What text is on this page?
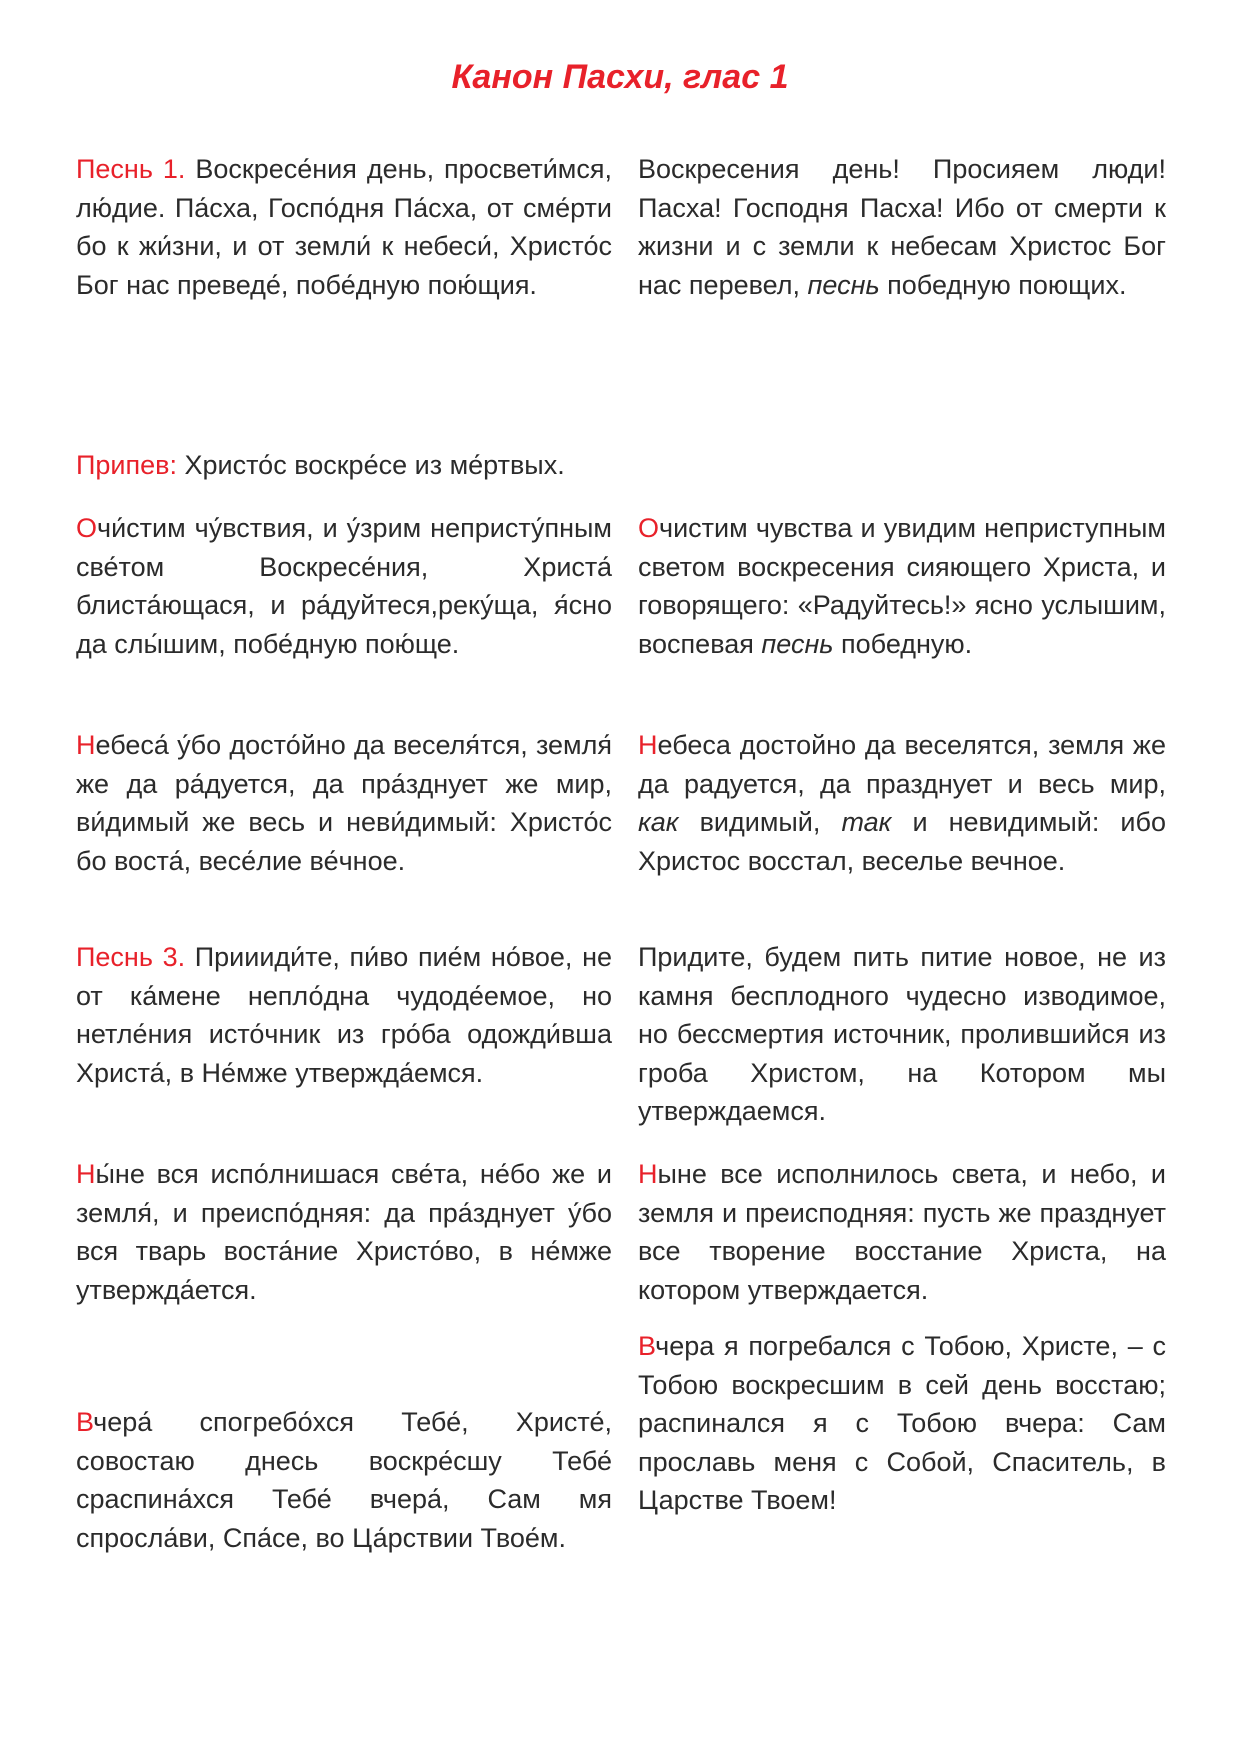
Канон Пасхи, глас 1

Песнь 1. Воскресе́ния день, просвети́мся, лю́дие. Па́сха, Госпо́дня Па́сха, от сме́рти бо к жи́зни, и от земли́ к небеси́, Христо́с Бог нас преведе́, побе́дную пою́щия.

Воскресения день! Просияем люди! Пасха! Господня Пасха! Ибо от смерти к жизни и с земли к небесам Христос Бог нас перевел, песнь победную поющих.

Припев: Христо́с воскре́се из ме́ртвых.

Очи́стим чу́вствия, и у́зрим непристу́пным све́том Воскресе́ния, Христа́ блиста́ющася, и ра́дуйтеся,реку́ща, я́сно да слы́шим, побе́дную пою́ще.

Очистим чувства и увидим неприступным светом воскресения сияющего Христа, и говорящего: «Радуйтесь!» ясно услышим, воспевая песнь победную.

Небеса́ у́бо досто́йно да веселя́тся, земля́ же да ра́дуется, да пра́зднует же мир, ви́димый же весь и неви́димый: Христо́с бо воста́, весе́лие ве́чное.

Небеса достойно да веселятся, земля же да радуется, да празднует и весь мир, как видимый, так и невидимый: ибо Христос восстал, веселье вечное.

Песнь 3. Приииди́те, пи́во пие́м но́вое, не от ка́мене непло́дна чудоде́емое, но нетле́ния исто́чник из гро́ба одожди́вша Христа́, в Не́мже утвержда́емся.

Придите, будем пить питие новое, не из камня бесплодного чудесно изводимое, но бессмертия источник, пролившийся из гроба Христом, на Котором мы утверждаемся.

Ны́не вся испо́лнишася све́та, не́бо же и земля́, и преиспо́дняя: да пра́зднует у́бо вся тварь воста́ние Христо́во, в не́мже утвержда́ется.

Ныне все исполнилось света, и небо, и земля и преисподняя: пусть же празднует все творение восстание Христа, на котором утверждается.

Вчера́ спогребо́хся Тебе́, Христе́, совостаю днесь воскре́сшу Тебе́ сраспина́хся Тебе́ вчера́, Сам мя спросла́ви, Спа́се, во Ца́рствии Твое́м.

Вчера я погребался с Тобою, Христе, – с Тобою воскресшим в сей день восстаю; распинался я с Тобою вчера: Сам прославь меня с Собой, Спаситель, в Царстве Твоем!
